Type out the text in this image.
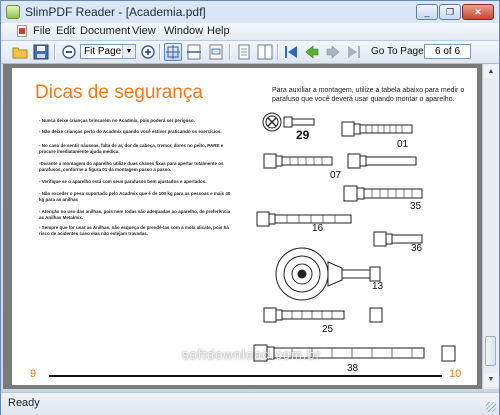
SlimPDF Reader - [Academia.pdf]	_	❐	✕
File Edit Document View Window Help
Fit Page ▼	Go To Page	6 of 6
Dicas de segurança
- Nunca deixe crianças brincarem no Acadmix, pois poderá ser perigoso.
- Não deixe crianças perto do Acadmix quando você estiver praticando os exercícios.
- No caso de sentir náuseas, falta de ar, dor de cabeça, tremor, dores no peito, PARE e procure imediatamente ajuda médica.
-Durante a montagem do aparelho utilize duas chaves fixas para apertar totalmente os parafusos, conforme a figura 01 da montagem passo a passo.
- Verifique se o aparelho está com seus parafusos bem ajustados e apertados.
- Não exceder o peso suportado pelo Acadmix que é de 100 kg para as pessoas e mais 40 kg para as anilhas
- Atenção no uso das anilhas, pois nem todas são adequadas ao aparelho, de preferência as Anilhas Metalmix.
- Sempre que for usar as Anilhas, não esqueça de prendê-las com a mola alicate, pois há risco de acidentes caso elas não estejam travadas.
Para auxiliar a montagem, utilize a tabela abaixo para medir o parafuso que você deverá usar quando montar o aparelho.
29
01
07
35
16
36
13
25
38
softdownload.com.br
9	10
▲
▼
Ready
